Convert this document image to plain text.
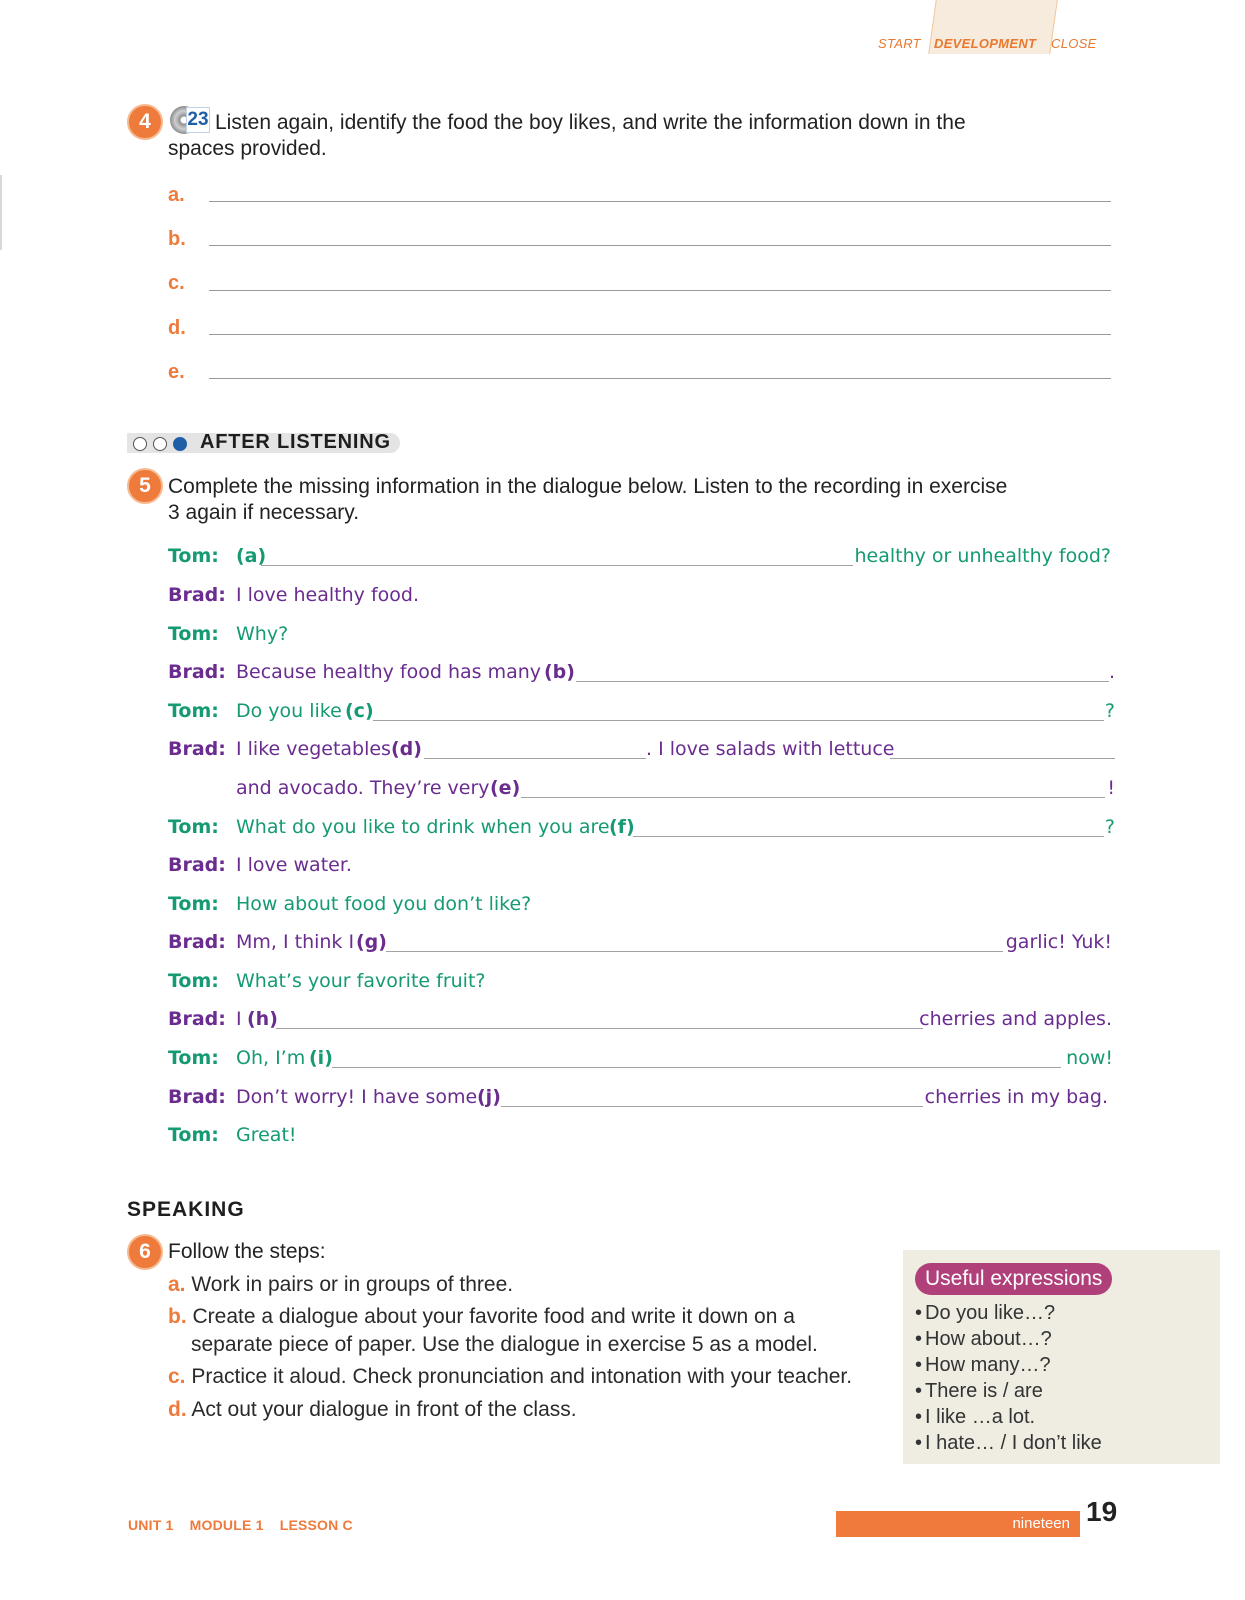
START DEVELOPMENT CLOSE
4	23 Listen again, identify the food the boy likes, and write the information down in the
spaces provided.
a.
b.
c.
d.
e.
AFTER LISTENING
5 Complete the missing information in the dialogue below. Listen to the recording in exercise
3 again if necessary.
Tom: (a)	healthy or unhealthy food?
Brad: I love healthy food.
Tom: Why?
Brad: Because healthy food has many (b)	.
Tom: Do you like (c)	?
Brad: I like vegetables (d)	. I love salads with lettuce
and avocado. They’re very (e)	!
Tom: What do you like to drink when you are (f)	?
Brad: I love water.
Tom: How about food you don’t like?
Brad: Mm, I think I (g)	garlic! Yuk!
Tom: What’s your favorite fruit?
Brad: I (h)	cherries and apples.
Tom: Oh, I’m (i)	now!
Brad: Don’t worry! I have some (j)	cherries in my bag.
Tom: Great!
SPEAKING
6 Follow the steps:
a. Work in pairs or in groups of three.
b. Create a dialogue about your favorite food and write it down on a
separate piece of paper. Use the dialogue in exercise 5 as a model.
c. Practice it aloud. Check pronunciation and intonation with your teacher.
d. Act out your dialogue in front of the class.
Useful expressions
• Do you like…?
• How about…?
• How many…?
• There is / are
• I like …a lot.
• I hate… / I don’t like
UNIT 1 MODULE 1 LESSON C	nineteen 19
